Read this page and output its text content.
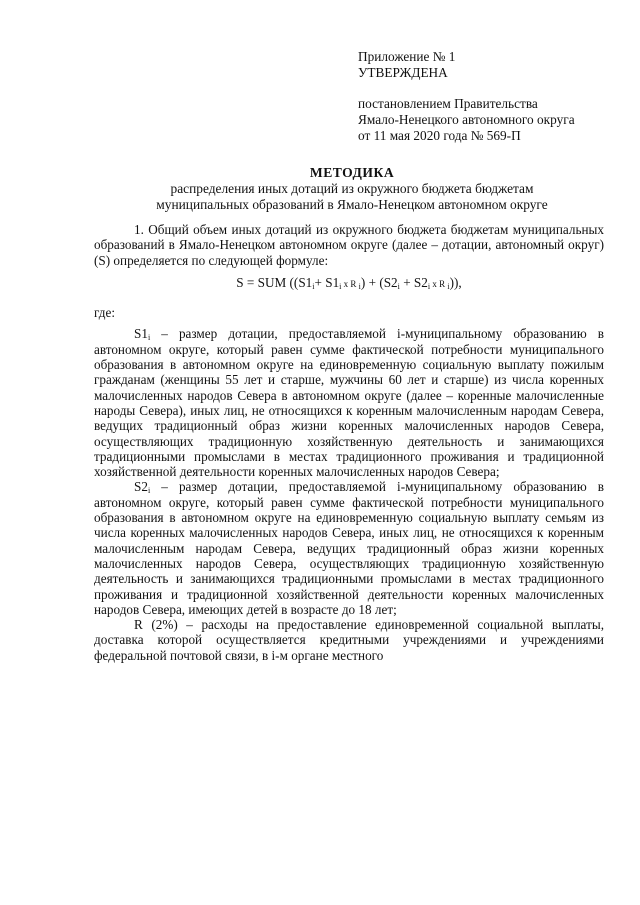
Приложение № 1
УТВЕРЖДЕНА
постановлением Правительства
Ямало-Ненецкого автономного округа
от 11 мая 2020 года № 569-П
МЕТОДИКА
распределения иных дотаций из окружного бюджета бюджетам
муниципальных образований в Ямало-Ненецком автономном округе

1. Общий объем иных дотаций из окружного бюджета бюджетам муниципальных образований в Ямало-Ненецком автономном округе (далее – дотации, автономный округ) (S) определяется по следующей формуле:

S = SUM (($S1_i+ S1_i$ x R $_i) + (S2_i + S2_i$ x R $_i$)),

где:

$S1_i$ – размер дотации, предоставляемой i-муниципальному образованию в автономном округе, который равен сумме фактической потребности муниципального образования в автономном округе на единовременную социальную выплату пожилым гражданам (женщины 55 лет и старше, мужчины 60 лет и старше) из числа коренных малочисленных народов Севера в автономном округе (далее – коренные малочисленные народы Севера), иных лиц, не относящихся к коренным малочисленным народам Севера, ведущих традиционный образ жизни коренных малочисленных народов Севера, осуществляющих традиционную хозяйственную деятельность и занимающихся традиционными промыслами в местах традиционного проживания и традиционной хозяйственной деятельности коренных малочисленных народов Севера;

$S2_i$ – размер дотации, предоставляемой i-муниципальному образованию в автономном округе, который равен сумме фактической потребности муниципального образования в автономном округе на единовременную социальную выплату семьям из числа коренных малочисленных народов Севера, иных лиц, не относящихся к коренным малочисленным народам Севера, ведущих традиционный образ жизни коренных малочисленных народов Севера, осуществляющих традиционную хозяйственную деятельность и занимающихся традиционными промыслами в местах традиционного проживания и традиционной хозяйственной деятельности коренных малочисленных народов Севера, имеющих детей в возрасте до 18 лет;

R (2%) – расходы на предоставление единовременной социальной выплаты, доставка которой осуществляется кредитными учреждениями и учреждениями федеральной почтовой связи, в i-м органе местного
